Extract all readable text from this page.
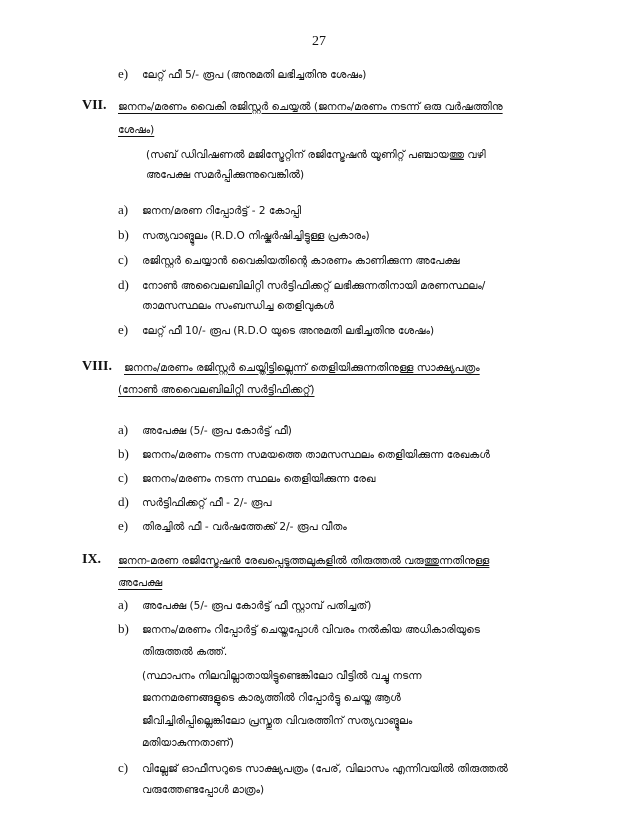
27
e) ലേറ്റ് ഫീ 5/- രൂപ (അനുമതി ലഭിച്ചതിനു ശേഷം)
VII. ജനനം/മരണം വൈകി രജിസ്റ്റര്‍ ചെയ്യല്‍ (ജനനം/മരണം നടന്ന് ഒരു വര്‍ഷത്തിനു
ശേഷം)
(സബ് ഡിവിഷണല്‍ മജിസ്ട്രേറ്റിന് രജിസ്ട്രേഷന്‍ യൂണിറ്റ് പഞ്ചായത്തു വഴി
അപേക്ഷ സമര്‍പ്പിക്കുന്നുവെങ്കില്‍)
a) ജനന/മരണ റിപ്പോര്‍ട്ട് - 2 കോപ്പി
b) സത്യവാങ്മൂലം (R.D.O നിഷ്കര്‍ഷിച്ചിട്ടുള്ള പ്രകാരം)
c) രജിസ്റ്റര്‍ ചെയ്യാന്‍ വൈകിയതിന്റെ കാരണം കാണിക്കുന്ന അപേക്ഷ
d) നോണ്‍ അവൈലബിലിറ്റി സര്‍ട്ടിഫിക്കറ്റ് ലഭിക്കുന്നതിനായി മരണസ്ഥലം/
താമസസ്ഥലം സംബന്ധിച്ച തെളിവുകള്‍
e) ലേറ്റ് ഫീ 10/- രൂപ (R.D.O യുടെ അനുമതി ലഭിച്ചതിനു ശേഷം)
VIII. ജനനം/മരണം രജിസ്റ്റര്‍ ചെയ്തിട്ടില്ലെന്ന് തെളിയിക്കുന്നതിനുള്ള സാക്ഷ്യപത്രം
(നോണ്‍ അവൈലബിലിറ്റി സര്‍ട്ടിഫിക്കറ്റ്)
a) അപേക്ഷ (5/- രൂപ കോര്‍ട്ട് ഫീ)
b) ജനനം/മരണം നടന്ന സമയത്തെ താമസസ്ഥലം തെളിയിക്കുന്ന രേഖകള്‍
c) ജനനം/മരണം നടന്ന സ്ഥലം തെളിയിക്കുന്ന രേഖ
d) സര്‍ട്ടിഫിക്കറ്റ് ഫീ - 2/- രൂപ
e) തിരച്ചില്‍ ഫീ - വര്‍ഷത്തേക്ക് 2/- രൂപ വീതം
IX. ജനന-മരണ രജിസ്ട്രേഷന്‍ രേഖപ്പെടുത്തലുകളില്‍ തിരുത്തല്‍ വരുത്തുന്നതിനുള്ള
അപേക്ഷ
a) അപേക്ഷ (5/- രൂപ കോര്‍ട്ട് ഫീ സ്റ്റാമ്പ് പതിച്ചത്)
b) ജനനം/മരണം റിപ്പോര്‍ട്ട് ചെയ്തപ്പോള്‍ വിവരം നല്‍കിയ അധികാരിയുടെ
തിരുത്തല്‍ കത്ത്.
(സ്ഥാപനം നിലവില്ലാതായിട്ടുണ്ടെങ്കിലോ വീട്ടില്‍ വച്ചു നടന്ന
ജനനമരണങ്ങളുടെ കാര്യത്തില്‍ റിപ്പോര്‍ട്ടു ചെയ്ത ആള്‍
ജീവിച്ചിരിപ്പില്ലെങ്കിലോ പ്രസ്തുത വിവരത്തിന് സത്യവാങ്മൂലം
മതിയാകുന്നതാണ്)
c) വില്ലേജ് ഓഫീസറുടെ സാക്ഷ്യപത്രം (പേര്, വിലാസം എന്നിവയില്‍ തിരുത്തല്‍
വരുത്തേണ്ടപ്പോള്‍ മാത്രം)
